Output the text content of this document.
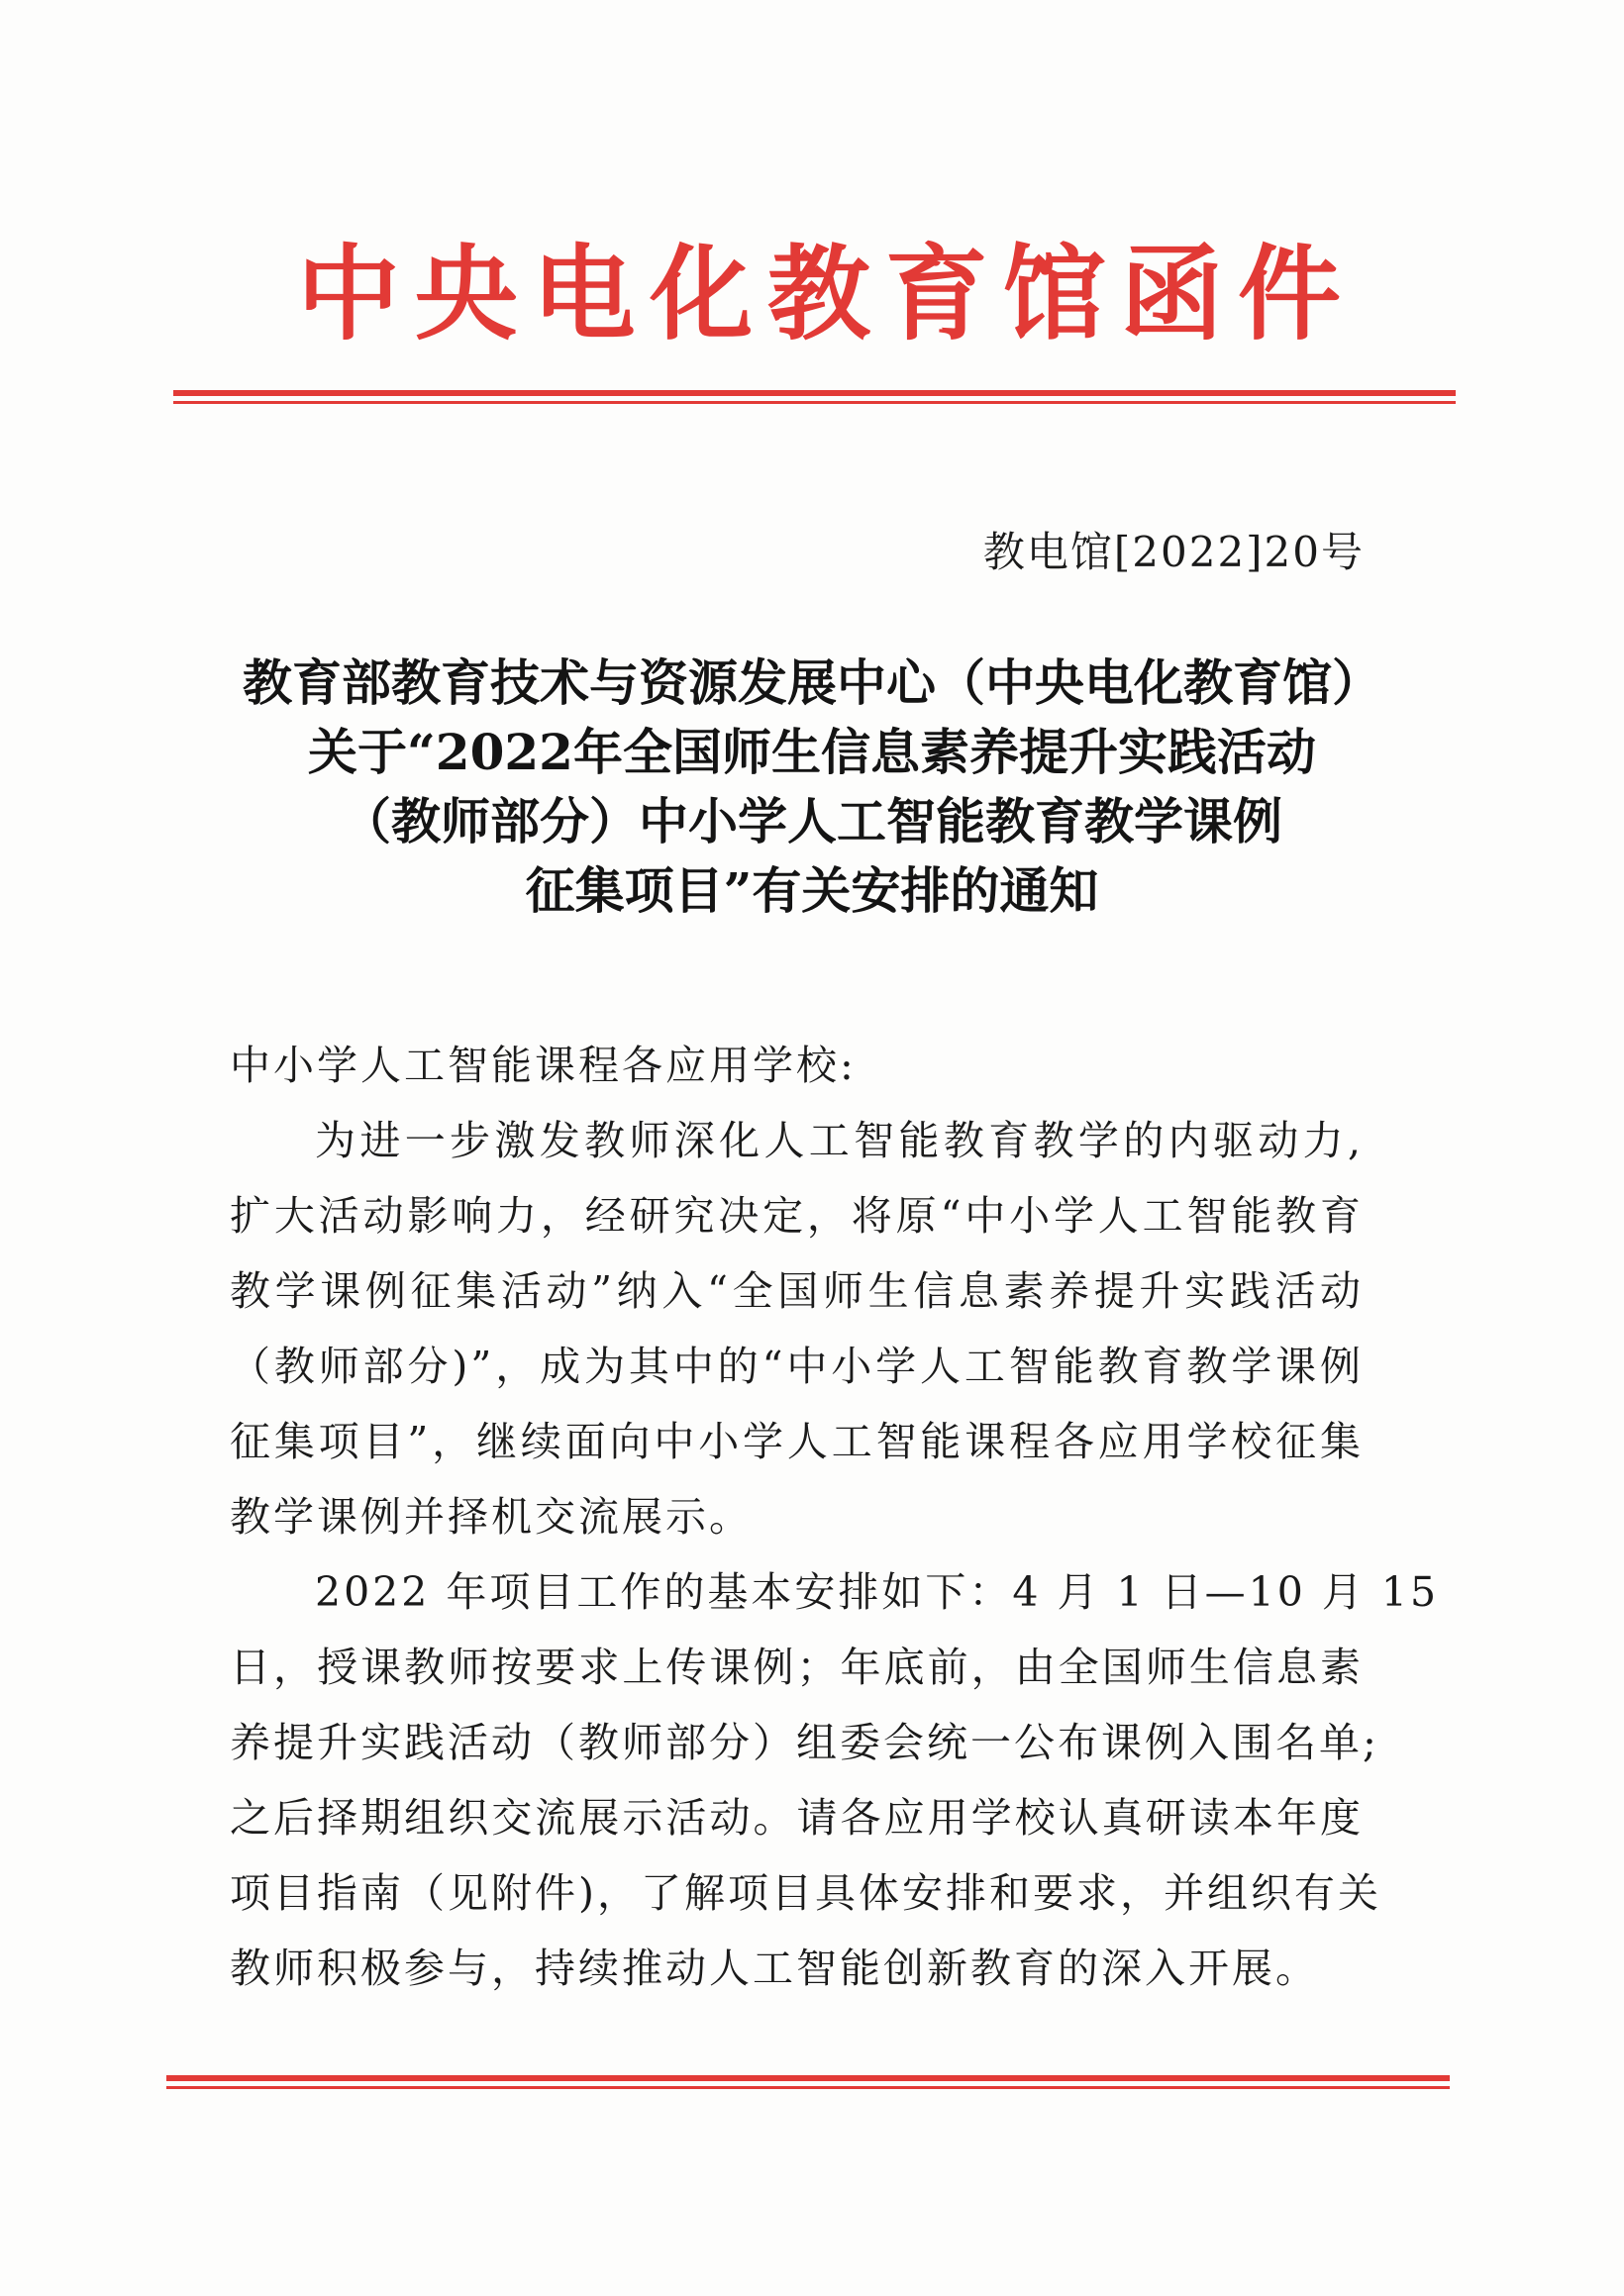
中央电化教育馆函件
教电馆[2022]20号
教育部教育技术与资源发展中心（中央电化教育馆）
关于“2022年全国师生信息素养提升实践活动
（教师部分）中小学人工智能教育教学课例
征集项目”有关安排的通知
中小学人工智能课程各应用学校:
为进一步激发教师深化人工智能教育教学的内驱动力,
扩大活动影响力，经研究决定，将原“中小学人工智能教育
教学课例征集活动”纳入“全国师生信息素养提升实践活动
（教师部分)”，成为其中的“中小学人工智能教育教学课例
征集项目”，继续面向中小学人工智能课程各应用学校征集
教学课例并择机交流展示。
2022 年项目工作的基本安排如下：4 月 1 日—10 月 15
日，授课教师按要求上传课例；年底前，由全国师生信息素
养提升实践活动（教师部分）组委会统一公布课例入围名单;
之后择期组织交流展示活动。请各应用学校认真研读本年度
项目指南（见附件)，了解项目具体安排和要求，并组织有关
教师积极参与，持续推动人工智能创新教育的深入开展。
